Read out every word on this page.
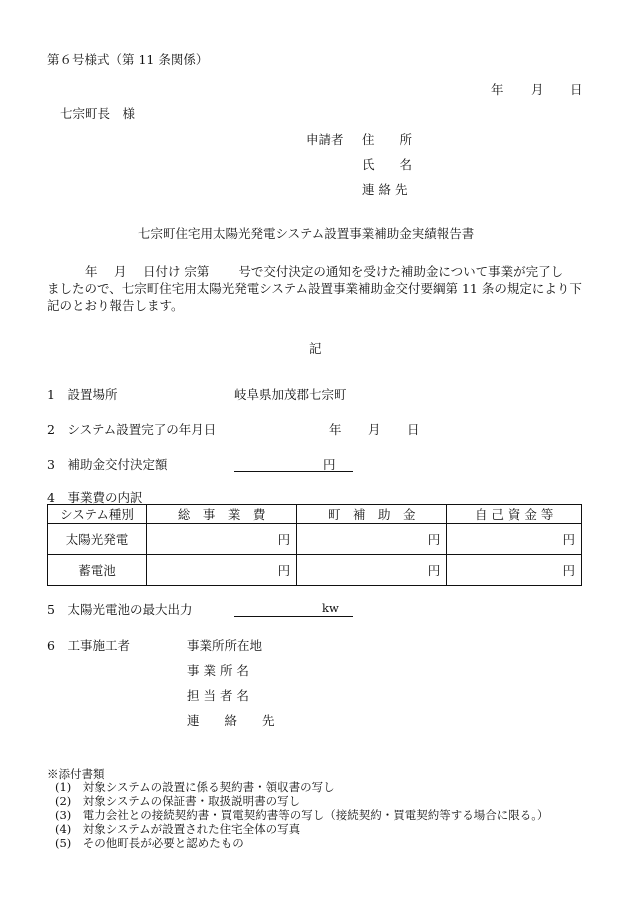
第６号様式（第 11 条関係）
年 月 日
七宗町長　様
申請者 住　　所
氏　　名
連 絡 先
七宗町住宅用太陽光発電システム設置事業補助金実績報告書
　　年　 月　 日付け 宗第　　 号で交付決定の通知を受けた補助金について事業が完了し
ましたので、七宗町住宅用太陽光発電システム設置事業補助金交付要綱第 11 条の規定により下
記のとおり報告します。
記
1　設置場所	岐阜県加茂郡七宗町
2　システム設置完了の年月日	年 月 日
3　補助金交付決定額	円
4　事業費の内訳
システム種別	総　事　業　費	町　補　助　金	自 己 資 金 等
太陽光発電	円	円	円
蓄電池	円	円	円
5　太陽光電池の最大出力	kw
6　工事施工者	事業所所在地
事 業 所 名
担 当 者 名
連　　絡　　先
※添付書類
(1)　対象システムの設置に係る契約書・領収書の写し
(2)　対象システムの保証書・取扱説明書の写し
(3)　電力会社との接続契約書・買電契約書等の写し（接続契約・買電契約等する場合に限る。）
(4)　対象システムが設置された住宅全体の写真
(5)　その他町長が必要と認めたもの
